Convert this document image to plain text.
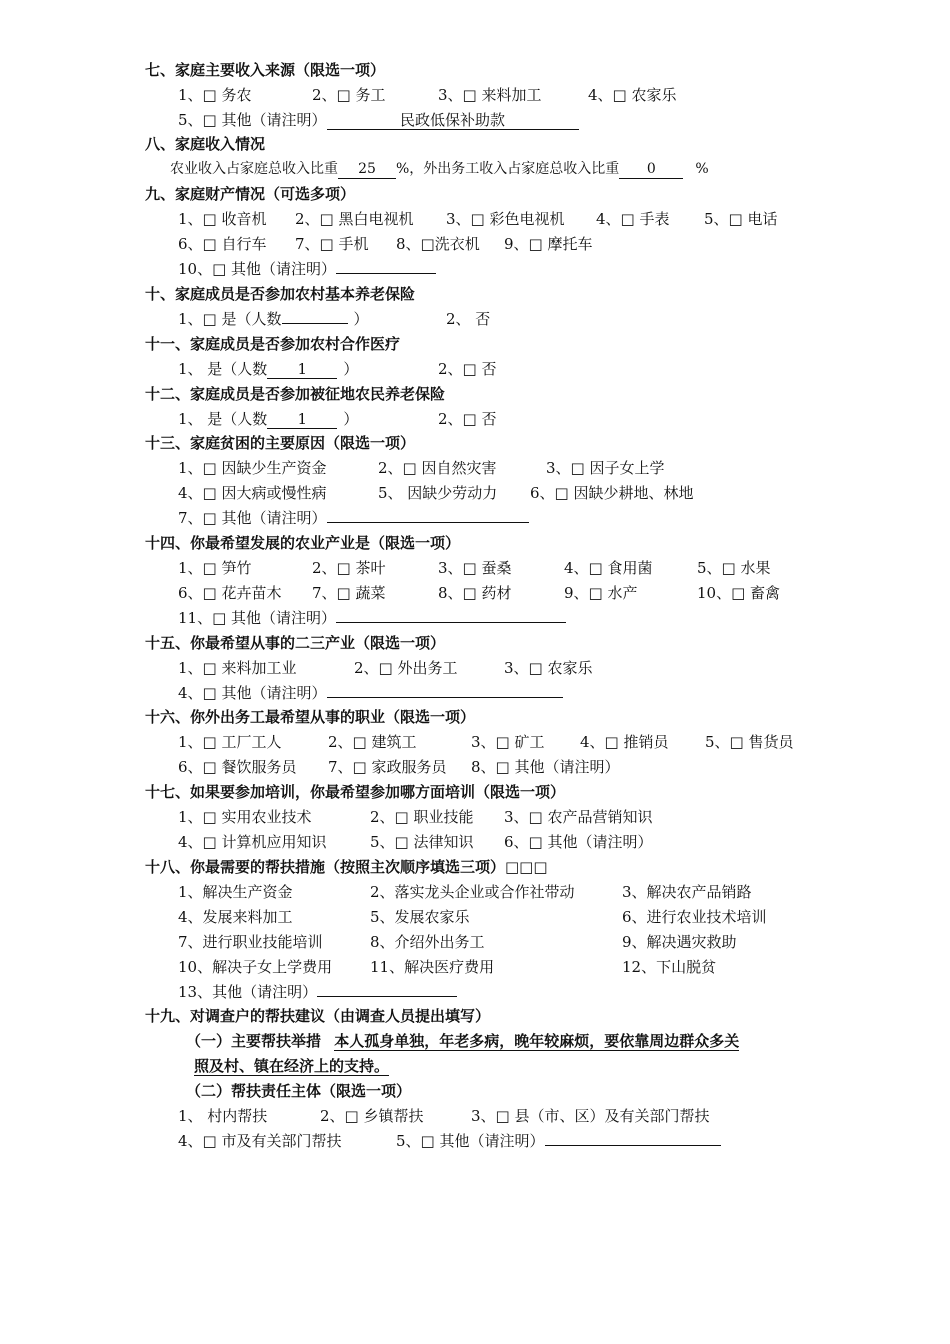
七、家庭主要收入来源（限选一项）
1、□ 务农	2、□ 务工	3、□ 来料加工	4、□ 农家乐
5、□ 其他（请注明）	民政低保补助款
八、家庭收入情况
农业收入占家庭总收入比重 25 %，外出务工收入占家庭总收入比重 0	%
九、家庭财产情况（可选多项）
1、□ 收音机 2、□ 黑白电视机 3、□ 彩色电视机 4、□ 手表 5、□ 电话
6、□ 自行车 7、□ 手机 8、□洗衣机 9、□ 摩托车
10、□ 其他（请注明）
十、家庭成员是否参加农村基本养老保险
1、□ 是（人数	）	2、 否
十一、家庭成员是否参加农村合作医疗
1、 是（人数 1 ）	2、□ 否
十二、家庭成员是否参加被征地农民养老保险
1、 是（人数 1 ）	2、□ 否
十三、家庭贫困的主要原因（限选一项）
1、□ 因缺少生产资金	2、□ 因自然灾害	3、□ 因子女上学
4、□ 因大病或慢性病	5、 因缺少劳动力 6、□ 因缺少耕地、林地
7、□ 其他（请注明）
十四、你最希望发展的农业产业是（限选一项）
1、□ 笋竹	2、□ 茶叶	3、□ 蚕桑	4、□ 食用菌	5、□ 水果
6、□ 花卉苗木 7、□ 蔬菜	8、□ 药材	9、□ 水产	10、□ 畜禽
11、□ 其他（请注明）
十五、你最希望从事的二三产业（限选一项）
1、□ 来料加工业	2、□ 外出务工	3、□ 农家乐
4、□ 其他（请注明）
十六、你外出务工最希望从事的职业（限选一项）
1、□ 工厂工人	2、□ 建筑工	3、□ 矿工 4、□ 推销员 5、□ 售货员
6、□ 餐饮服务员 7、□ 家政服务员 8、□ 其他（请注明）
十七、如果要参加培训，你最希望参加哪方面培训（限选一项）
1、□ 实用农业技术	2、□ 职业技能 3、□ 农产品营销知识
4、□ 计算机应用知识	5、□ 法律知识 6、□ 其他（请注明）
十八、你最需要的帮扶措施（按照主次顺序填选三项）□□□
1、解决生产资金	2、落实龙头企业或合作社带动	3、解决农产品销路
4、发展来料加工	5、发展农家乐	6、进行农业技术培训
7、进行职业技能培训	8、介绍外出务工	9、解决遇灾救助
10、解决子女上学费用	11、解决医疗费用	12、下山脱贫
13、其他（请注明）
十九、对调查户的帮扶建议（由调查人员提出填写）
（一）主要帮扶举措 本人孤身单独，年老多病，晚年较麻烦，要依靠周边群众多关
照及村、镇在经济上的支持。
（二）帮扶责任主体（限选一项）
1、 村内帮扶	2、□ 乡镇帮扶	3、□ 县（市、区）及有关部门帮扶
4、□ 市及有关部门帮扶	5、□ 其他（请注明）
